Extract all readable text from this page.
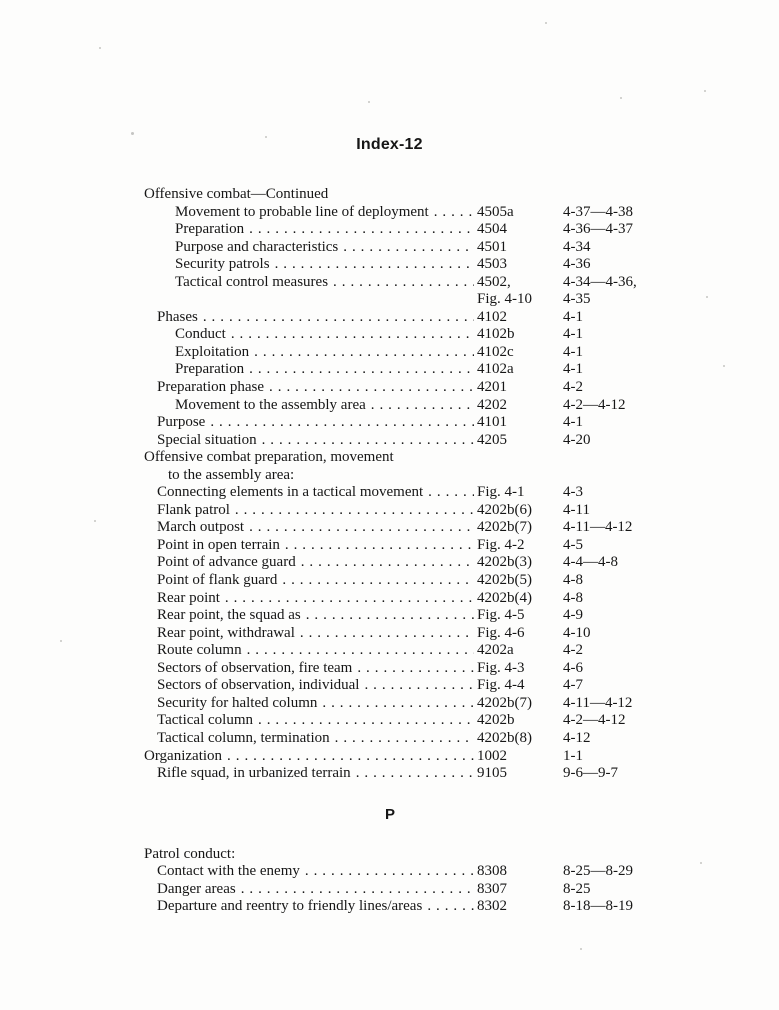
Index-12
Offensive combat—Continued
Movement to probable line of deployment . . .	4505a	4-37—4-38
Preparation . . .	4504	4-36—4-37
Purpose and characteristics . . .	4501	4-34
Security patrols . . .	4503	4-36
Tactical control measures . . .	4502,	4-34—4-36,
Fig. 4-10	4-35
Phases . . .	4102	4-1
Conduct . . .	4102b	4-1
Exploitation . . .	4102c	4-1
Preparation . . .	4102a	4-1
Preparation phase . . .	4201	4-2
Movement to the assembly area . . .	4202	4-2—4-12
Purpose . . .	4101	4-1
Special situation . . .	4205	4-20
Offensive combat preparation, movement
to the assembly area:
Connecting elements in a tactical movement . . .	Fig. 4-1	4-3
Flank patrol . . .	4202b(6)	4-11
March outpost . . .	4202b(7)	4-11—4-12
Point in open terrain . . .	Fig. 4-2	4-5
Point of advance guard . . .	4202b(3)	4-4—4-8
Point of flank guard . . .	4202b(5)	4-8
Rear point . . .	4202b(4)	4-8
Rear point, the squad as . . .	Fig. 4-5	4-9
Rear point, withdrawal . . .	Fig. 4-6	4-10
Route column . . .	4202a	4-2
Sectors of observation, fire team . . .	Fig. 4-3	4-6
Sectors of observation, individual . . .	Fig. 4-4	4-7
Security for halted column . . .	4202b(7)	4-11—4-12
Tactical column . . .	4202b	4-2—4-12
Tactical column, termination . . .	4202b(8)	4-12
Organization . . .	1002	1-1
Rifle squad, in urbanized terrain . . .	9105	9-6—9-7
P
Patrol conduct:
Contact with the enemy . . .	8308	8-25—8-29
Danger areas . . .	8307	8-25
Departure and reentry to friendly lines/areas . . .	8302	8-18—8-19
